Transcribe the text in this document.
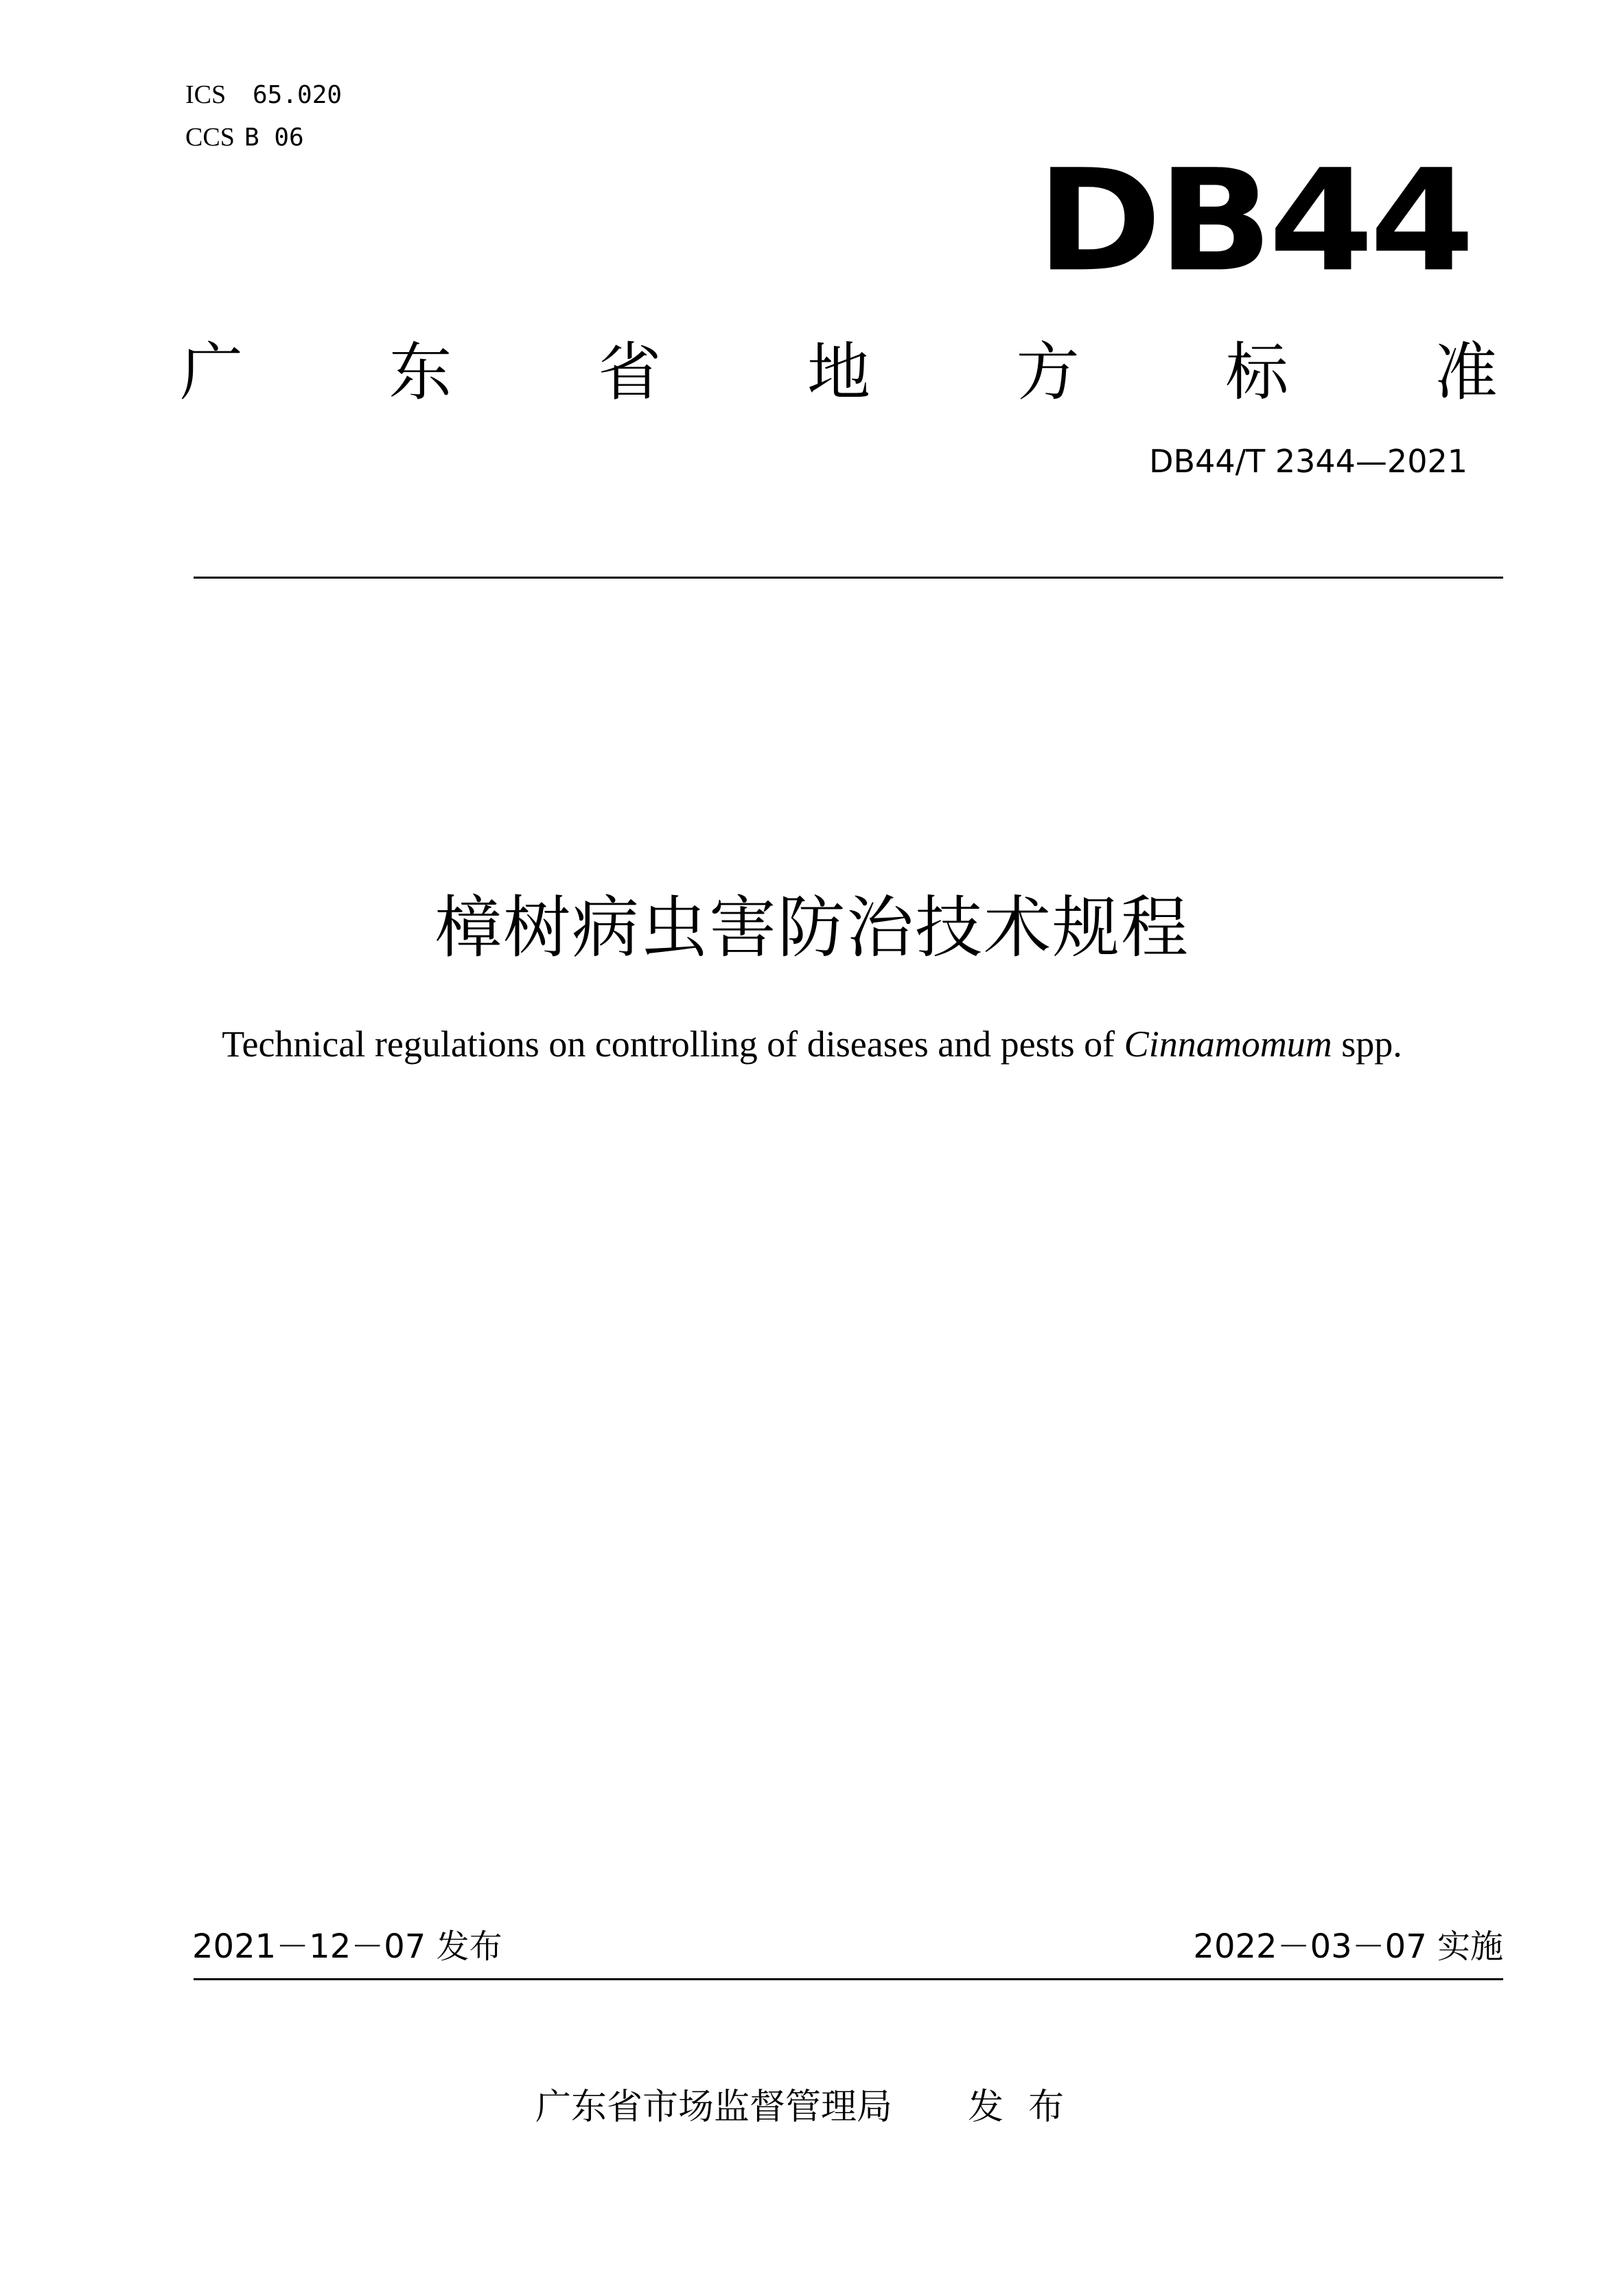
ICS 65.020
CCS B 06
DB44
广 东 省 地 方 标 准
DB44/T 2344—2021
樟树病虫害防治技术规程
Technical regulations on controlling of diseases and pests of Cinnamomum spp.
2021－12－07 发布	2022－03－07 实施
广东省市场监督管理局 发布
